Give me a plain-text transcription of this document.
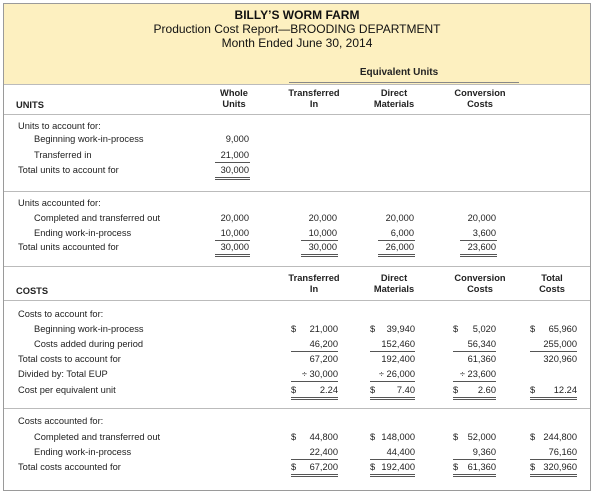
BILLY’S WORM FARM
Production Cost Report—BROODING DEPARTMENT
Month Ended June 30, 2014
Equivalent Units
Whole
Units
Transferred
In
Direct
Materials
Conversion
Costs
UNITS
Units to account for:
Beginning work-in-process	9,000
Transferred in	21,000
Total units to account for	30,000
Units accounted for:
Completed and transferred out	20,000	20,000	20,000	20,000
Ending work-in-process	10,000	10,000	6,000	3,600
Total units accounted for	30,000	30,000	26,000	23,600
Transferred
In
Direct
Materials
Conversion
Costs
Total
Costs
COSTS
Costs to account for:
Beginning work-in-process	$	21,000	$	39,940	$	5,020	$	65,960
Costs added during period	46,200	152,460	56,340	255,000
Total costs to account for	67,200	192,400	61,360	320,960
Divided by: Total EUP	÷ 30,000	÷ 26,000	÷ 23,600
Cost per equivalent unit	$	2.24	$	7.40	$	2.60	$	12.24
Costs accounted for:
Completed and transferred out	$	44,800	$ 148,000	$	52,000	$ 244,800
Ending work-in-process	22,400	44,400	9,360	76,160
Total costs accounted for	$	67,200	$ 192,400	$	61,360	$ 320,960
